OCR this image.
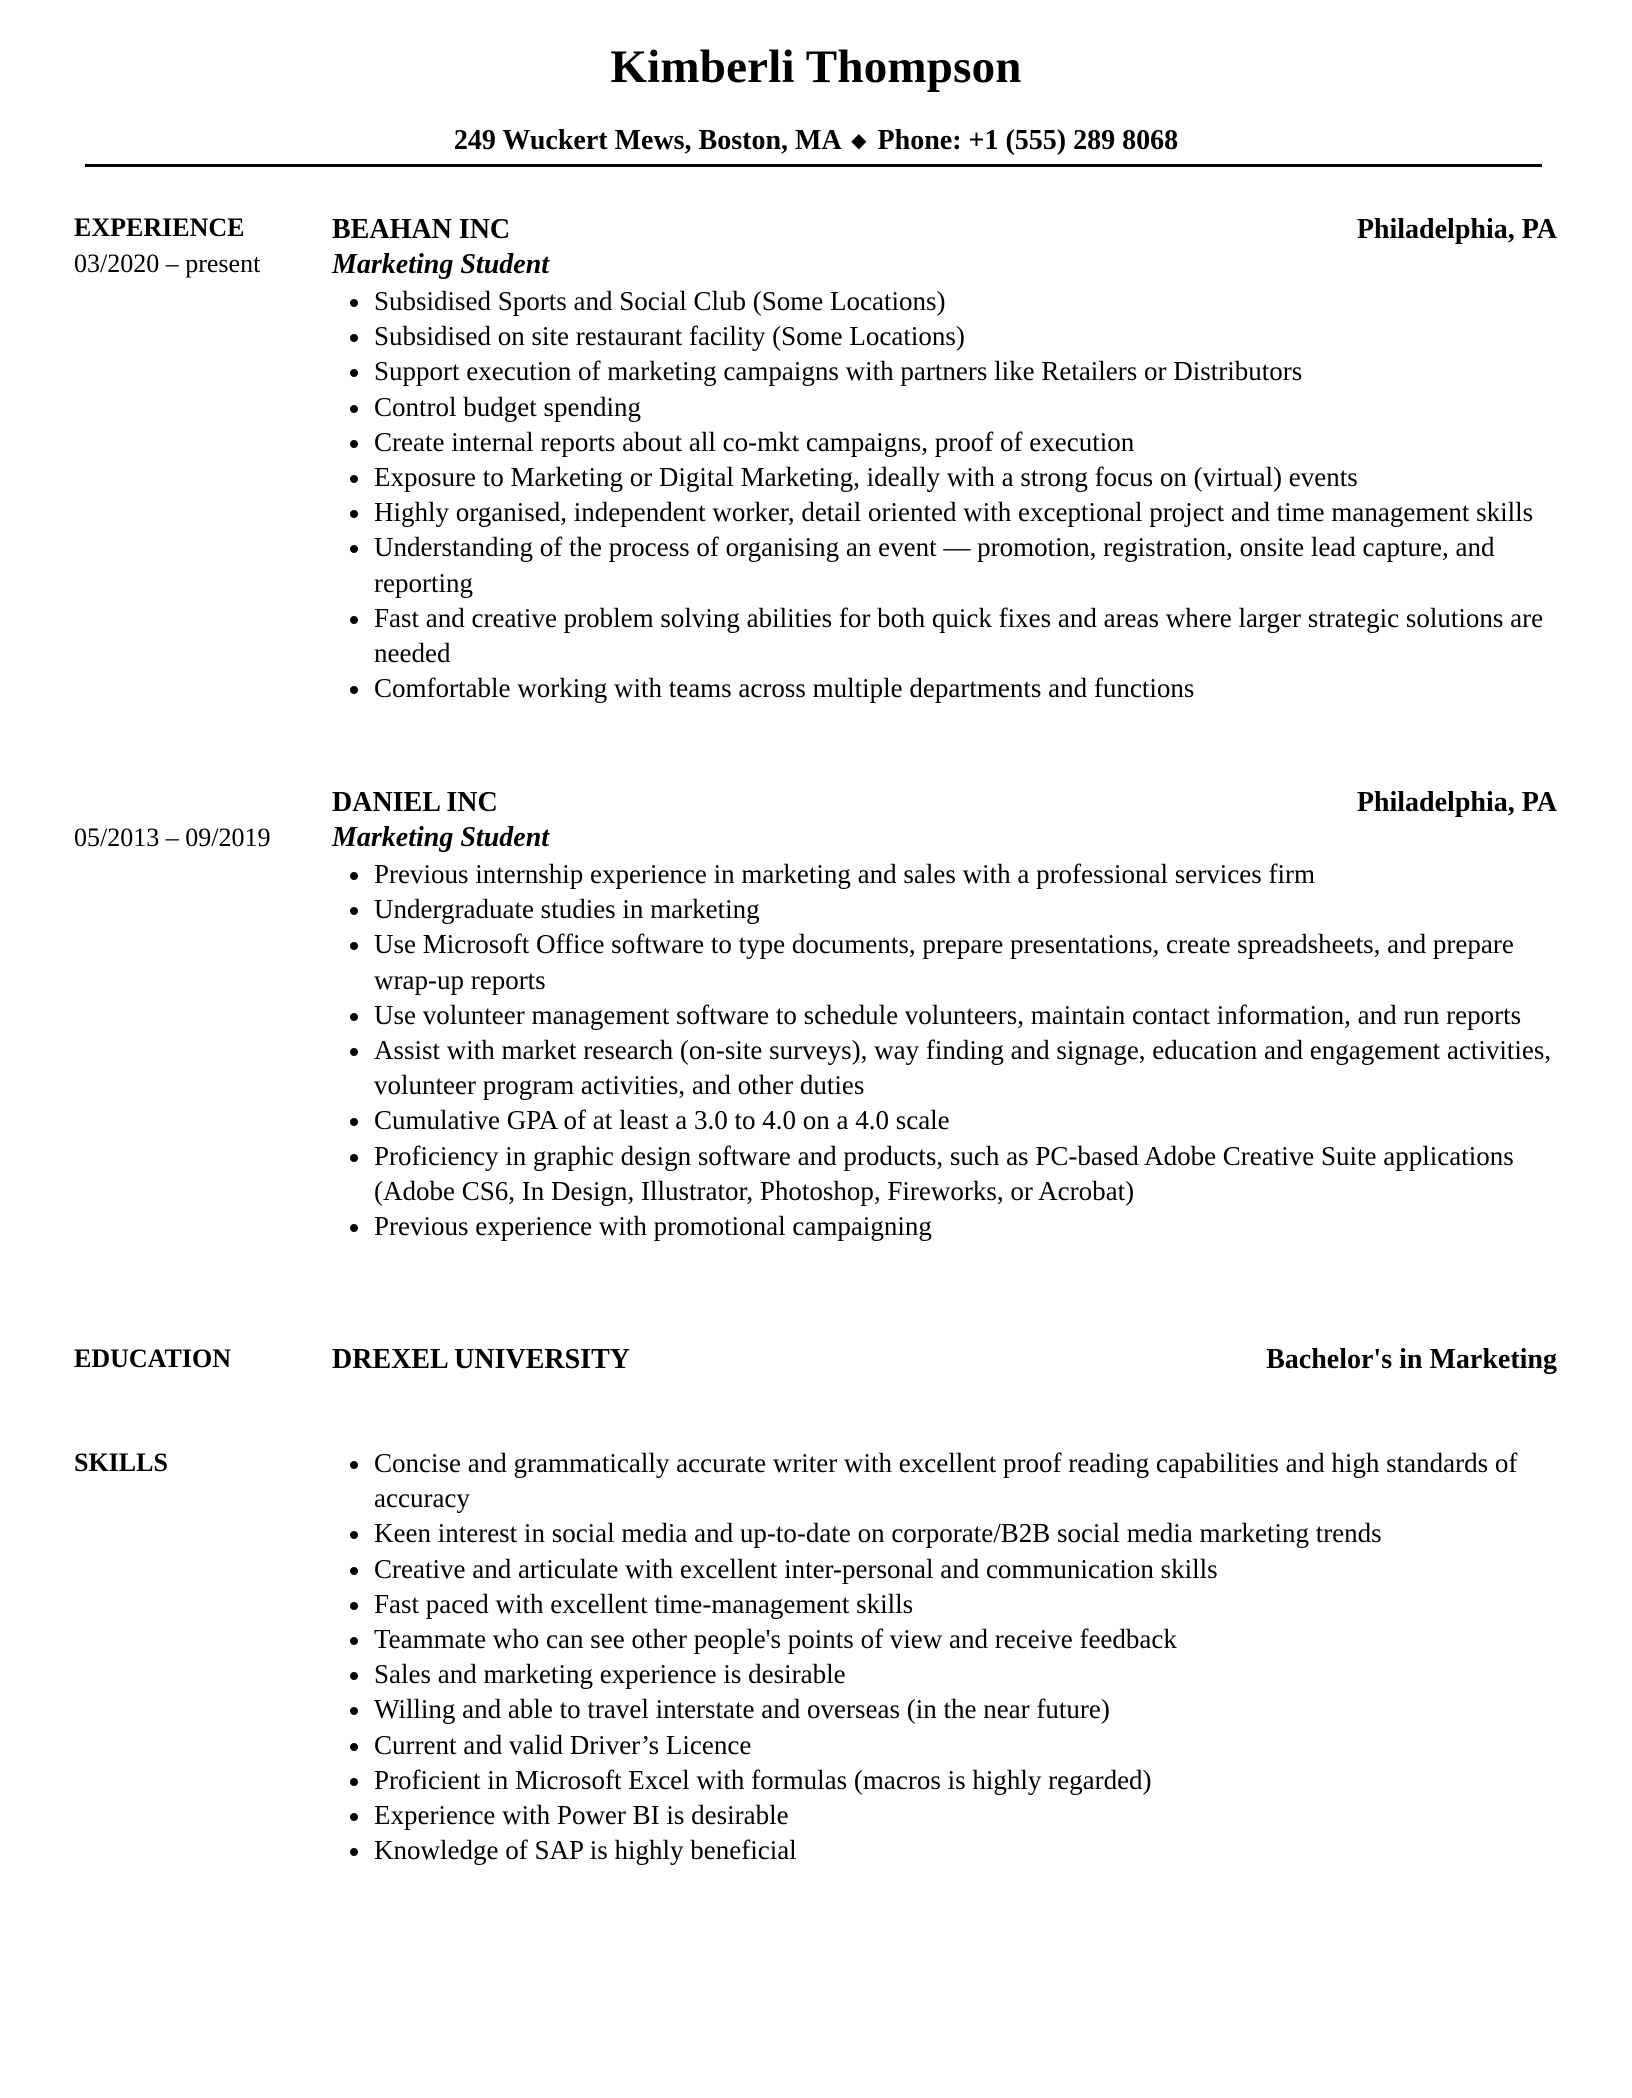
Kimberli Thompson
249 Wuckert Mews, Boston, MA ◆ Phone: +1 (555) 289 8068
EXPERIENCE
03/2020 – present
BEAHAN INC	Philadelphia, PA
Marketing Student
Subsidised Sports and Social Club (Some Locations)
Subsidised on site restaurant facility (Some Locations)
Support execution of marketing campaigns with partners like Retailers or Distributors
Control budget spending
Create internal reports about all co-mkt campaigns, proof of execution
Exposure to Marketing or Digital Marketing, ideally with a strong focus on (virtual) events
Highly organised, independent worker, detail oriented with exceptional project and time management skills
Understanding of the process of organising an event — promotion, registration, onsite lead capture, and reporting
Fast and creative problem solving abilities for both quick fixes and areas where larger strategic solutions are needed
Comfortable working with teams across multiple departments and functions
05/2013 – 09/2019
DANIEL INC	Philadelphia, PA
Marketing Student
Previous internship experience in marketing and sales with a professional services firm
Undergraduate studies in marketing
Use Microsoft Office software to type documents, prepare presentations, create spreadsheets, and prepare wrap-up reports
Use volunteer management software to schedule volunteers, maintain contact information, and run reports
Assist with market research (on-site surveys), way finding and signage, education and engagement activities, volunteer program activities, and other duties
Cumulative GPA of at least a 3.0 to 4.0 on a 4.0 scale
Proficiency in graphic design software and products, such as PC-based Adobe Creative Suite applications (Adobe CS6, In Design, Illustrator, Photoshop, Fireworks, or Acrobat)
Previous experience with promotional campaigning
EDUCATION	DREXEL UNIVERSITY	Bachelor's in Marketing
SKILLS	Concise and grammatically accurate writer with excellent proof reading capabilities and high standards of accuracy
Keen interest in social media and up-to-date on corporate/B2B social media marketing trends
Creative and articulate with excellent inter-personal and communication skills
Fast paced with excellent time-management skills
Teammate who can see other people's points of view and receive feedback
Sales and marketing experience is desirable
Willing and able to travel interstate and overseas (in the near future)
Current and valid Driver’s Licence
Proficient in Microsoft Excel with formulas (macros is highly regarded)
Experience with Power BI is desirable
Knowledge of SAP is highly beneficial
